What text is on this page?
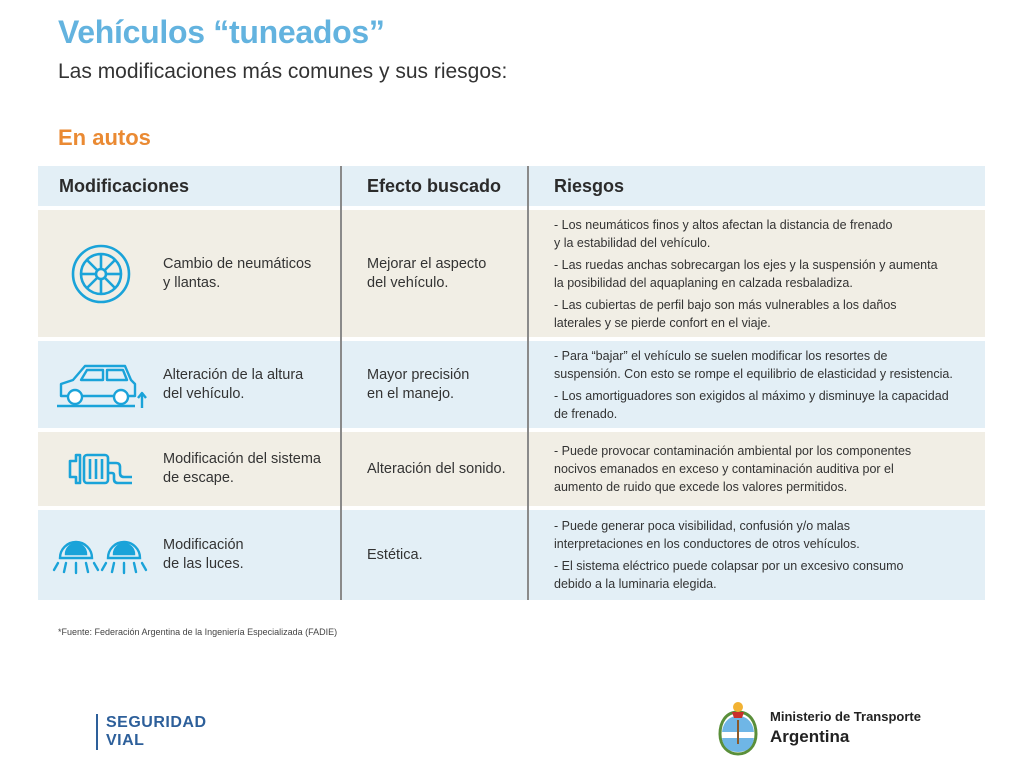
Vehículos “tuneados”
Las modificaciones más comunes y sus riesgos:
En autos
Modificaciones	Efecto buscado	Riesgos
Cambio de neumáticos
y llantas.
Mejorar el aspecto
del vehículo.
- Los neumáticos finos y altos afectan la distancia de frenado
y la estabilidad del vehículo.
- Las ruedas anchas sobrecargan los ejes y la suspensión y aumenta
la posibilidad del aquaplaning en calzada resbaladiza.
- Las cubiertas de perfil bajo son más vulnerables a los daños
laterales y se pierde confort en el viaje.
Alteración de la altura
del vehículo.
Mayor precisión
en el manejo.
- Para “bajar” el vehículo se suelen modificar los resortes de
suspensión. Con esto se rompe el equilibrio de elasticidad y resistencia.
- Los amortiguadores son exigidos al máximo y disminuye la capacidad
de frenado.
Modificación del sistema
de escape.
Alteración del sonido.
- Puede provocar contaminación ambiental por los componentes
nocivos emanados en exceso y contaminación auditiva por el
aumento de ruido que excede los valores permitidos.
Modificación
de las luces.
Estética.
- Puede generar poca visibilidad, confusión y/o malas
interpretaciones en los conductores de otros vehículos.
- El sistema eléctrico puede colapsar por un excesivo consumo
debido a la luminaria elegida.
*Fuente: Federación Argentina de la Ingeniería Especializada (FADIE)
SEGURIDAD
VIAL
Ministerio de Transporte
Argentina
